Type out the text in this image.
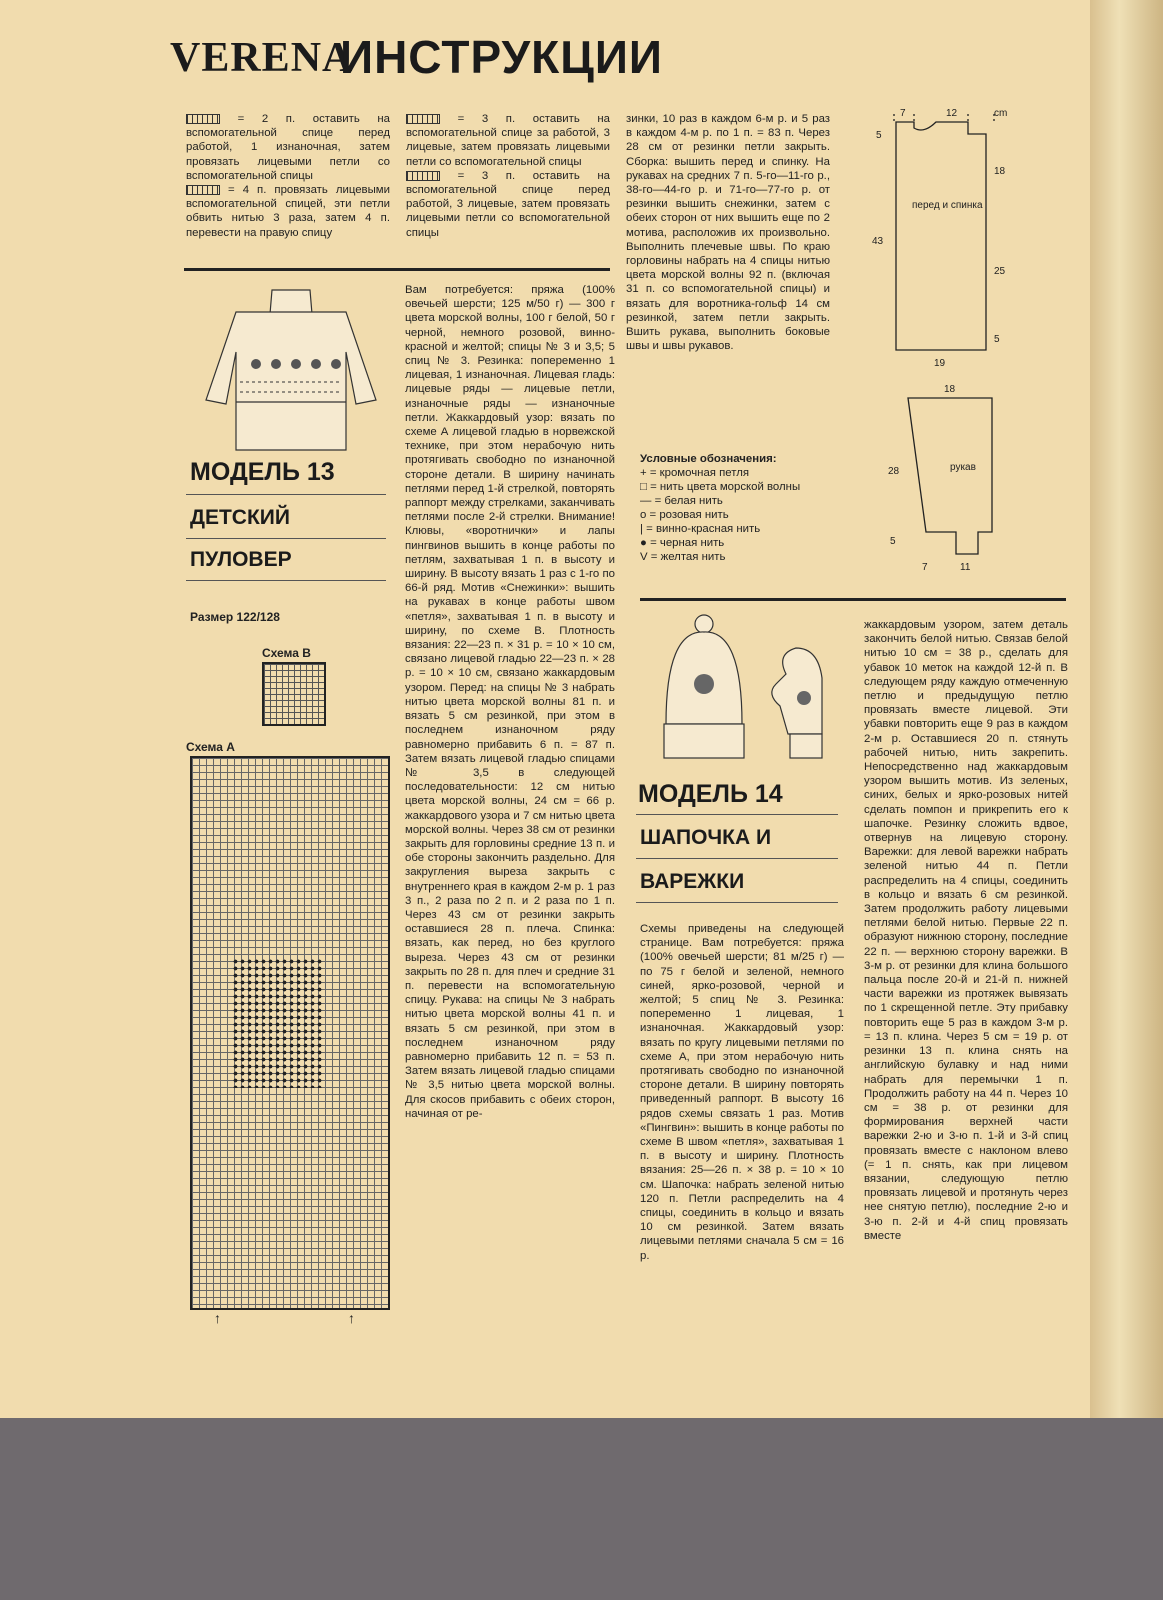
VERENA
ИНСТРУКЦИИ
= 2 п. оставить на вспомогательной спице перед работой, 1 изнаночная, затем провязать лицевыми петли со вспомогательной спицы
= 4 п. провязать лицевыми вспомогательной спицей, эти петли обвить нитью 3 раза, затем 4 п. перевести на правую спицу
= 3 п. оставить на вспомогательной спице за работой, 3 лицевые, затем провязать лицевыми петли со вспомогательной спицы
= 3 п. оставить на вспомогательной спице перед работой, 3 лицевые, затем провязать лицевыми петли со вспомогательной спицы
зинки, 10 раз в каждом 6-м р. и 5 раз в каждом 4-м р. по 1 п. = 83 п. Через 28 см от резинки петли закрыть. Сборка: вышить перед и спинку. На рукавах на средних 7 п. 5-го—11-го р., 38-го—44-го р. и 71-го—77-го р. от резинки вышить снежинки, затем с обеих сторон от них вышить еще по 2 мотива, расположив их произвольно. Выполнить плечевые швы. По краю горловины набрать на 4 спицы нитью цвета морской волны 92 п. (включая 31 п. со вспомогательной спицы) и вязать для воротника-гольф 14 см резинкой, затем петли закрыть. Вшить рукава, выполнить боковые швы и швы рукавов.
7	12	cm
5
18
43
25
5
19
перед и спинка
18
28	рукав
5
7	11
Условные обозначения:
+ = кромочная петля
□ = нить цвета морской волны
— = белая нить
o = розовая нить
| = винно-красная нить
● = черная нить
V = желтая нить
МОДЕЛЬ 13
ДЕТСКИЙ
ПУЛОВЕР
Размер 122/128
Схема В
Схема А
↑	↑
Вам потребуется: пряжа (100% овечьей шерсти; 125 м/50 г) — 300 г цвета морской волны, 100 г белой, 50 г черной, немного розовой, винно-красной и желтой; спицы № 3 и 3,5; 5 спиц № 3. Резинка: попеременно 1 лицевая, 1 изнаночная. Лицевая гладь: лицевые ряды — лицевые петли, изнаночные ряды — изнаночные петли. Жаккардовый узор: вязать по схеме А лицевой гладью в норвежской технике, при этом нерабочую нить протягивать свободно по изнаночной стороне детали. В ширину начинать петлями перед 1-й стрелкой, повторять раппорт между стрелками, заканчивать петлями после 2-й стрелки. Внимание! Клювы, «воротнички» и лапы пингвинов вышить в конце работы по петлям, захватывая 1 п. в высоту и ширину. В высоту вязать 1 раз с 1-го по 66-й ряд. Мотив «Снежинки»: вышить на рукавах в конце работы швом «петля», захватывая 1 п. в высоту и ширину, по схеме В. Плотность вязания: 22—23 п. × 31 р. = 10 × 10 см, связано лицевой гладью 22—23 п. × 28 р. = 10 × 10 см, связано жаккардовым узором. Перед: на спицы № 3 набрать нитью цвета морской волны 81 п. и вязать 5 см резинкой, при этом в последнем изнаночном ряду равномерно прибавить 6 п. = 87 п. Затем вязать лицевой гладью спицами № 3,5 в следующей последовательности: 12 см нитью цвета морской волны, 24 см = 66 р. жаккардового узора и 7 см нитью цвета морской волны. Через 38 см от резинки закрыть для горловины средние 13 п. и обе стороны закончить раздельно. Для закругления выреза закрыть с внутреннего края в каждом 2-м р. 1 раз 3 п., 2 раза по 2 п. и 2 раза по 1 п. Через 43 см от резинки закрыть оставшиеся 28 п. плеча. Спинка: вязать, как перед, но без круглого выреза. Через 43 см от резинки закрыть по 28 п. для плеч и средние 31 п. перевести на вспомогательную спицу. Рукава: на спицы № 3 набрать нитью цвета морской волны 41 п. и вязать 5 см резинкой, при этом в последнем изнаночном ряду равномерно прибавить 12 п. = 53 п. Затем вязать лицевой гладью спицами № 3,5 нитью цвета морской волны. Для скосов прибавить с обеих сторон, начиная от ре-
МОДЕЛЬ 14
ШАПОЧКА И
ВАРЕЖКИ
Схемы приведены на следующей странице. Вам потребуется: пряжа (100% овечьей шерсти; 81 м/25 г) — по 75 г белой и зеленой, немного синей, ярко-розовой, черной и желтой; 5 спиц № 3. Резинка: попеременно 1 лицевая, 1 изнаночная. Жаккардовый узор: вязать по кругу лицевыми петлями по схеме А, при этом нерабочую нить протягивать свободно по изнаночной стороне детали. В ширину повторять приведенный раппорт. В высоту 16 рядов схемы связать 1 раз. Мотив «Пингвин»: вышить в конце работы по схеме В швом «петля», захватывая 1 п. в высоту и ширину. Плотность вязания: 25—26 п. × 38 р. = 10 × 10 см. Шапочка: набрать зеленой нитью 120 п. Петли распределить на 4 спицы, соединить в кольцо и вязать 10 см резинкой. Затем вязать лицевыми петлями сначала 5 см = 16 р.
жаккардовым узором, затем деталь закончить белой нитью. Связав белой нитью 10 см = 38 р., сделать для убавок 10 меток на каждой 12-й п. В следующем ряду каждую отмеченную петлю и предыдущую петлю провязать вместе лицевой. Эти убавки повторить еще 9 раз в каждом 2-м р. Оставшиеся 20 п. стянуть рабочей нитью, нить закрепить. Непосредственно над жаккардовым узором вышить мотив. Из зеленых, синих, белых и ярко-розовых нитей сделать помпон и прикрепить его к шапочке. Резинку сложить вдвое, отвернув на лицевую сторону. Варежки: для левой варежки набрать зеленой нитью 44 п. Петли распределить на 4 спицы, соединить в кольцо и вязать 6 см резинкой. Затем продолжить работу лицевыми петлями белой нитью. Первые 22 п. образуют нижнюю сторону, последние 22 п. — верхнюю сторону варежки. В 3-м р. от резинки для клина большого пальца после 20-й и 21-й п. нижней части варежки из протяжек вывязать по 1 скрещенной петле. Эту прибавку повторить еще 5 раз в каждом 3-м р. = 13 п. клина. Через 5 см = 19 р. от резинки 13 п. клина снять на английскую булавку и над ними набрать для перемычки 1 п. Продолжить работу на 44 п. Через 10 см = 38 р. от резинки для формирования верхней части варежки 2-ю и 3-ю п. 1-й и 3-й спиц провязать вместе с наклоном влево (= 1 п. снять, как при лицевом вязании, следующую петлю провязать лицевой и протянуть через нее снятую петлю), последние 2-ю и 3-ю п. 2-й и 4-й спиц провязать вместе
